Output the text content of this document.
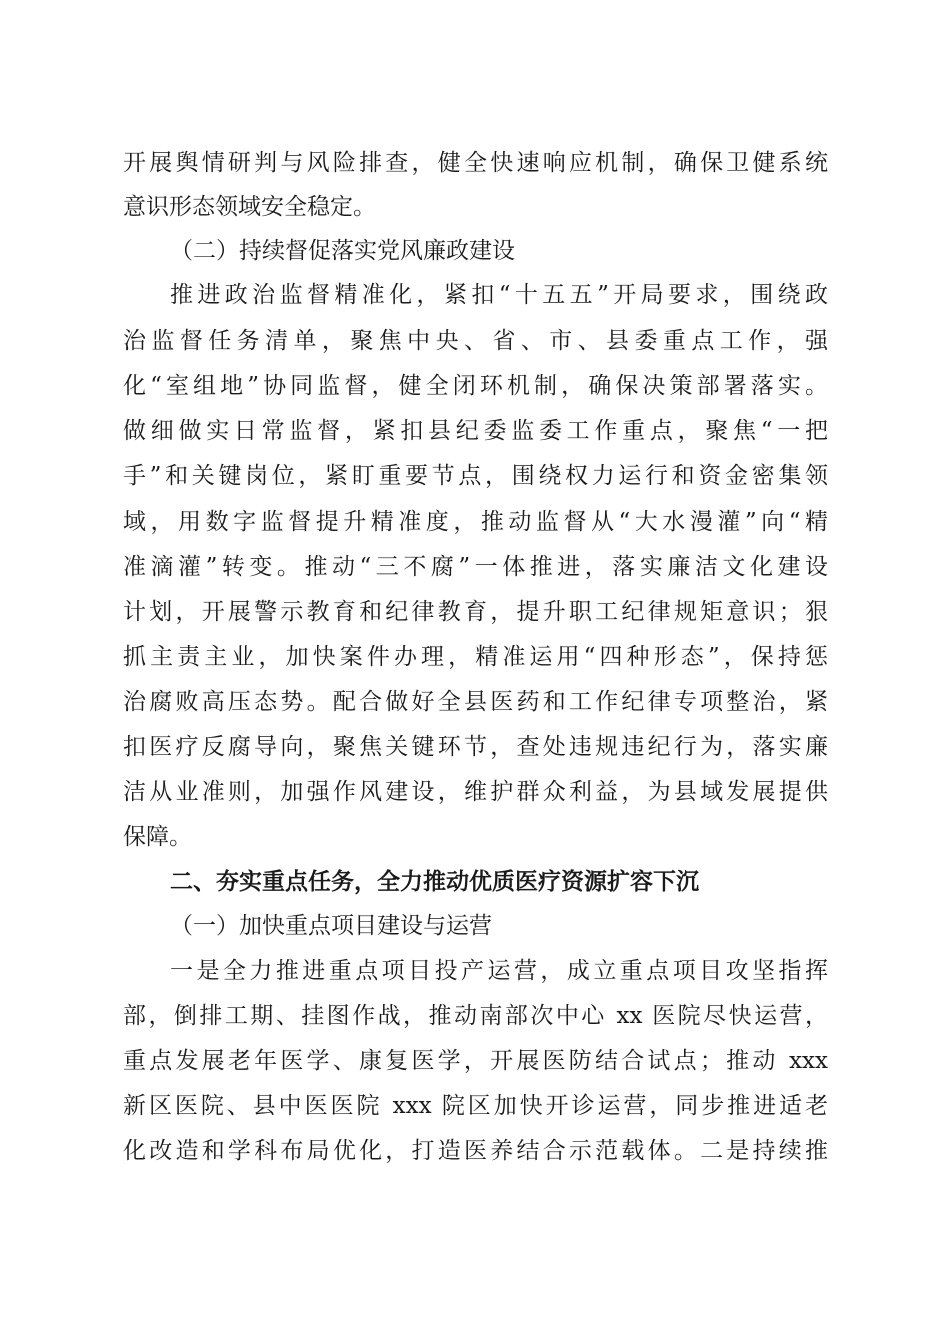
开展舆情研判与风险排查，健全快速响应机制，确保卫健系统
意识形态领域安全稳定。
（二）持续督促落实党风廉政建设
推进政治监督精准化，紧扣“十五五”开局要求，围绕政
治监督任务清单，聚焦中央、省、市、县委重点工作，强
化“室组地”协同监督，健全闭环机制，确保决策部署落实。
做细做实日常监督，紧扣县纪委监委工作重点，聚焦“一把
手”和关键岗位，紧盯重要节点，围绕权力运行和资金密集领
域，用数字监督提升精准度，推动监督从“大水漫灌”向“精
准滴灌”转变。推动“三不腐”一体推进，落实廉洁文化建设
计划，开展警示教育和纪律教育，提升职工纪律规矩意识；狠
抓主责主业，加快案件办理，精准运用“四种形态”，保持惩
治腐败高压态势。配合做好全县医药和工作纪律专项整治，紧
扣医疗反腐导向，聚焦关键环节，查处违规违纪行为，落实廉
洁从业准则，加强作风建设，维护群众利益，为县域发展提供
保障。
二、夯实重点任务，全力推动优质医疗资源扩容下沉
（一）加快重点项目建设与运营
一是全力推进重点项目投产运营，成立重点项目攻坚指挥
部，倒排工期、挂图作战，推动南部次中心 xx 医院尽快运营，
重点发展老年医学、康复医学，开展医防结合试点；推动 xxx
新区医院、县中医医院 xxx 院区加快开诊运营，同步推进适老
化改造和学科布局优化，打造医养结合示范载体。二是持续推
